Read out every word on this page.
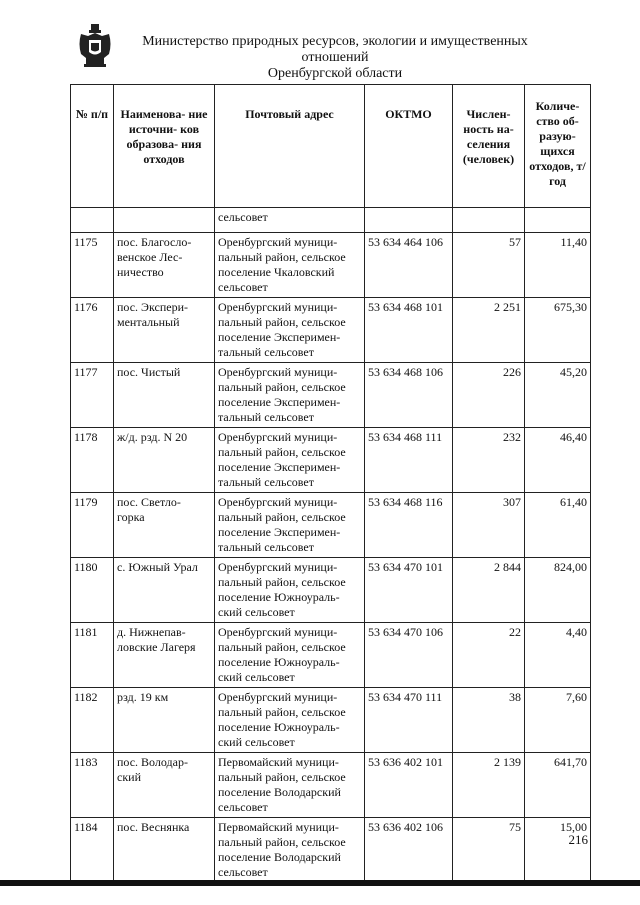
Министерство природных ресурсов, экологии и имущественных отношений
Оренбургской области
№ п/п	Наименова- ние источни- ков образова- ния отходов	Почтовый адрес	ОКТМО	Числен- ность на- селения (человек)	Количе- ство об- разую- щихся отходов, т/год
		сельсовет			
1175	пос. Благосло- венское Лес- ничество	Оренбургский муници- пальный район, сельское поселение Чкаловский сельсовет	53 634 464 106	57	11,40
1176	пос. Экспери- ментальный	Оренбургский муници- пальный район, сельское поселение Эксперимен- тальный сельсовет	53 634 468 101	2 251	675,30
1177	пос. Чистый	Оренбургский муници- пальный район, сельское поселение Эксперимен- тальный сельсовет	53 634 468 106	226	45,20
1178	ж/д. рзд. N 20	Оренбургский муници- пальный район, сельское поселение Эксперимен- тальный сельсовет	53 634 468 111	232	46,40
1179	пос. Светло- горка	Оренбургский муници- пальный район, сельское поселение Эксперимен- тальный сельсовет	53 634 468 116	307	61,40
1180	с. Южный Урал	Оренбургский муници- пальный район, сельское поселение Южноураль- ский сельсовет	53 634 470 101	2 844	824,00
1181	д. Нижнепав- ловские Лагеря	Оренбургский муници- пальный район, сельское поселение Южноураль- ский сельсовет	53 634 470 106	22	4,40
1182	рзд. 19 км	Оренбургский муници- пальный район, сельское поселение Южноураль- ский сельсовет	53 634 470 111	38	7,60
1183	пос. Володар- ский	Первомайский муници- пальный район, сельское поселение Володарский сельсовет	53 636 402 101	2 139	641,70
1184	пос. Веснянка	Первомайский муници- пальный район, сельское поселение Володарский сельсовет	53 636 402 106	75	15,00
216
